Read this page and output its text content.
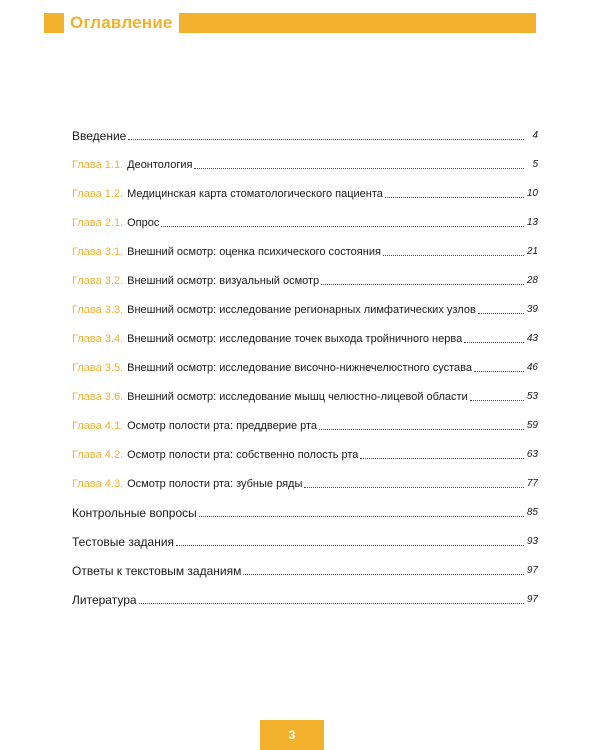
Оглавление
Введение	4
Глава 1.1. Деонтология	5
Глава 1.2. Медицинская карта стоматологического пациента	10
Глава 2.1. Опрос	13
Глава 3.1. Внешний осмотр: оценка психического состояния	21
Глава 3.2. Внешний осмотр: визуальный осмотр	28
Глава 3.3. Внешний осмотр: исследование регионарных лимфатических узлов	39
Глава 3.4. Внешний осмотр: исследование точек выхода тройничного нерва	43
Глава 3.5. Внешний осмотр: исследование височно-нижнечелюстного сустава	46
Глава 3.6. Внешний осмотр: исследование мышц челюстно-лицевой области	53
Глава 4.1. Осмотр полости рта: преддверие рта	59
Глава 4.2. Осмотр полости рта: собственно полость рта	63
Глава 4.3. Осмотр полости рта: зубные ряды	77
Контрольные вопросы	85
Тестовые задания	93
Ответы к текстовым заданиям	97
Литература	97
3
